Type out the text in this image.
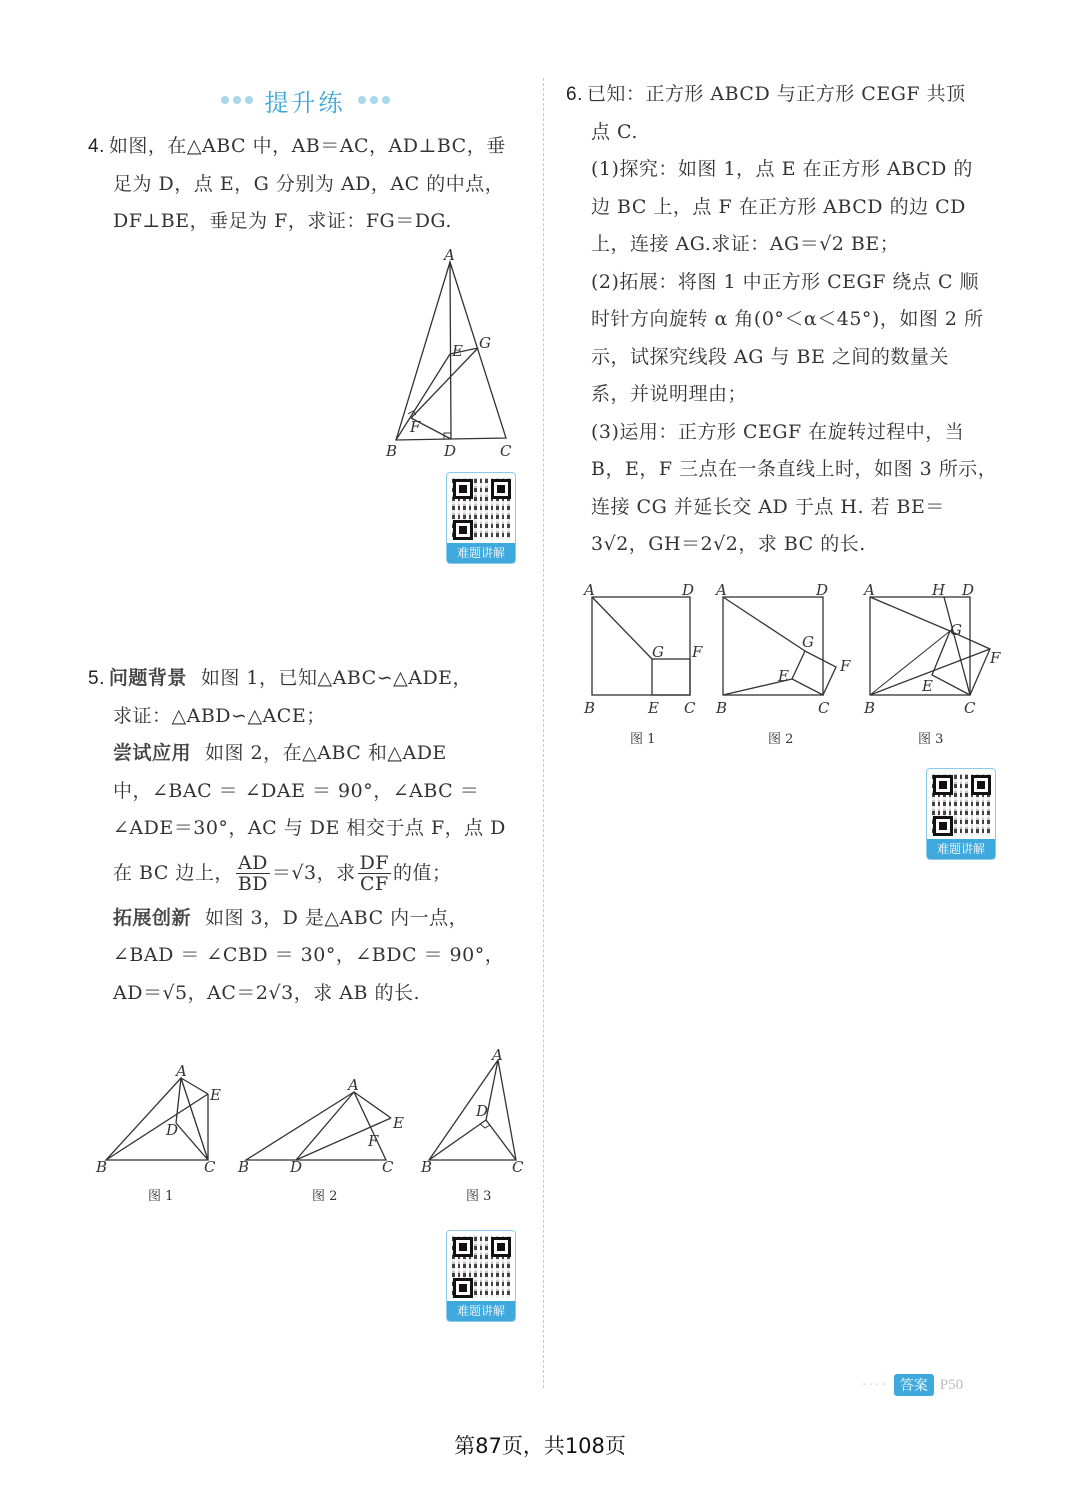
提升练
4. 如图，在△ABC 中，AB＝AC，AD⊥BC，垂
足为 D，点 E，G 分别为 AD，AC 的中点，
DF⊥BE，垂足为 F，求证：FG＝DG.
A
E G
F
B	D	C
难题讲解
5. 问题背景 如图 1，已知△ABC∽△ADE，
求证：△ABD∽△ACE；
尝试应用 如图 2，在△ABC 和△ADE
中，∠BAC ＝ ∠DAE ＝ 90°，∠ABC ＝
∠ADE＝30°，AC 与 DE 相交于点 F，点 D
在 BC 边上， $\frac{AD}{BD} =√3$，求 $\frac{DF}{CF}$ 的值；
拓展创新 如图 3，D 是△ABC 内一点，
∠BAD ＝ ∠CBD ＝ 30°，∠BDC ＝ 90°，
AD＝√5，AC＝2√3，求 AB 的长.
A
E
D
B	C
图 1
A
E
F
B	D	C
图 2
A
D
B	C
图 3
难题讲解
6. 已知：正方形 ABCD 与正方形 CEGF 共顶
点 C.
(1)探究：如图 1，点 E 在正方形 ABCD 的
边 BC 上，点 F 在正方形 ABCD 的边 CD
上，连接 AG.求证：AG＝√2 BE；
(2)拓展：将图 1 中正方形 CEGF 绕点 C 顺
时针方向旋转 α 角(0°＜α＜45°)，如图 2 所
示，试探究线段 AG 与 BE 之间的数量关
系，并说明理由；
(3)运用：正方形 CEGF 在旋转过程中，当
B，E，F 三点在一条直线上时，如图 3 所示，
连接 CG 并延长交 AD 于点 H. 若 BE＝
3√2，GH＝2√2，求 BC 的长.
A	D
G F
B	E C
图 1
A	D
G
F
E
B	C
图 2
A	H D
G
F
E
B	C
图 3
难题讲解
···· 答案 P50
第87页，共108页
